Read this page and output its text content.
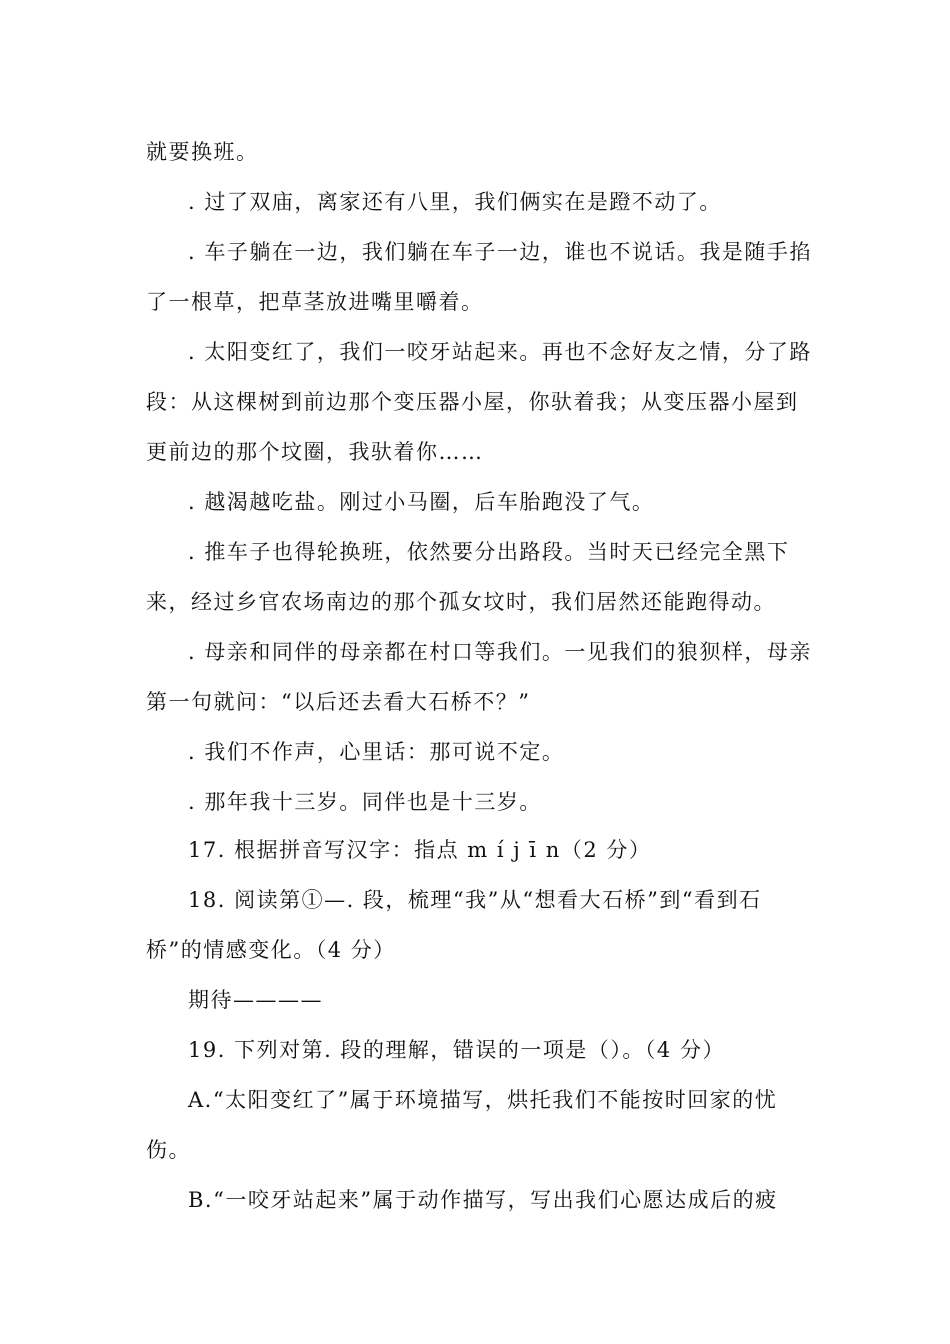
就要换班。
. 过了双庙，离家还有八里，我们俩实在是蹬不动了。
. 车子躺在一边，我们躺在车子一边，谁也不说话。我是随手掐
了一根草，把草茎放进嘴里嚼着。
. 太阳变红了，我们一咬牙站起来。再也不念好友之情，分了路
段：从这棵树到前边那个变压器小屋，你驮着我；从变压器小屋到
更前边的那个坟圈，我驮着你……
. 越渴越吃盐。刚过小马圈，后车胎跑没了气。
. 推车子也得轮换班，依然要分出路段。当时天已经完全黑下
来，经过乡官农场南边的那个孤女坟时，我们居然还能跑得动。
. 母亲和同伴的母亲都在村口等我们。一见我们的狼狈样，母亲
第一句就问：“以后还去看大石桥不？”
. 我们不作声，心里话：那可说不定。
. 那年我十三岁。同伴也是十三岁。
17. 根据拼音写汉字：指点 m í j ī n（2 分）
18. 阅读第①—. 段，梳理“我”从“想看大石桥”到“看到石
桥”的情感变化。（4 分）
期待————
19. 下列对第. 段的理解，错误的一项是（）。（4 分）
A.“太阳变红了”属于环境描写，烘托我们不能按时回家的忧
伤。
B.“一咬牙站起来”属于动作描写，写出我们心愿达成后的疲
